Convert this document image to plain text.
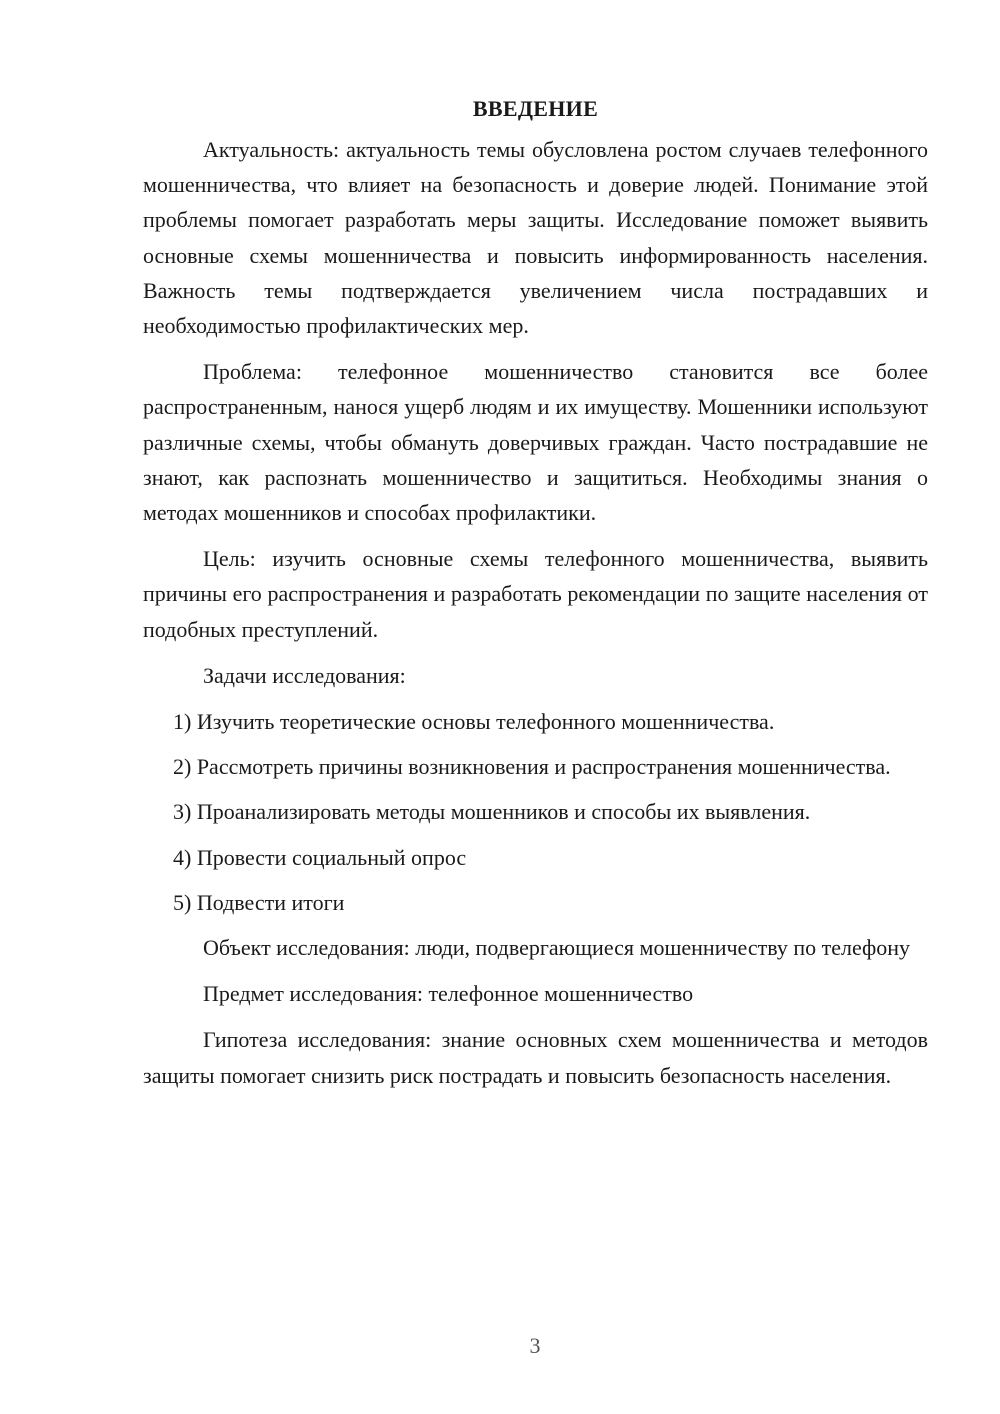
ВВЕДЕНИЕ

Актуальность: актуальность темы обусловлена ростом случаев телефонного мошенничества, что влияет на безопасность и доверие людей. Понимание этой проблемы помогает разработать меры защиты. Исследование поможет выявить основные схемы мошенничества и повысить информированность населения. Важность темы подтверждается увеличением числа пострадавших и необходимостью профилактических мер.

Проблема: телефонное мошенничество становится все более распространенным, нанося ущерб людям и их имуществу. Мошенники используют различные схемы, чтобы обмануть доверчивых граждан. Часто пострадавшие не знают, как распознать мошенничество и защититься. Необходимы знания о методах мошенников и способах профилактики.

Цель: изучить основные схемы телефонного мошенничества, выявить причины его распространения и разработать рекомендации по защите населения от подобных преступлений.

Задачи исследования:

1) Изучить теоретические основы телефонного мошенничества.

2) Рассмотреть причины возникновения и распространения мошенничества.

3) Проанализировать методы мошенников и способы их выявления.

4) Провести социальный опрос

5) Подвести итоги

Объект исследования: люди, подвергающиеся мошенничеству по телефону

Предмет исследования: телефонное мошенничество

Гипотеза исследования: знание основных схем мошенничества и методов защиты помогает снизить риск пострадать и повысить безопасность населения.

3
